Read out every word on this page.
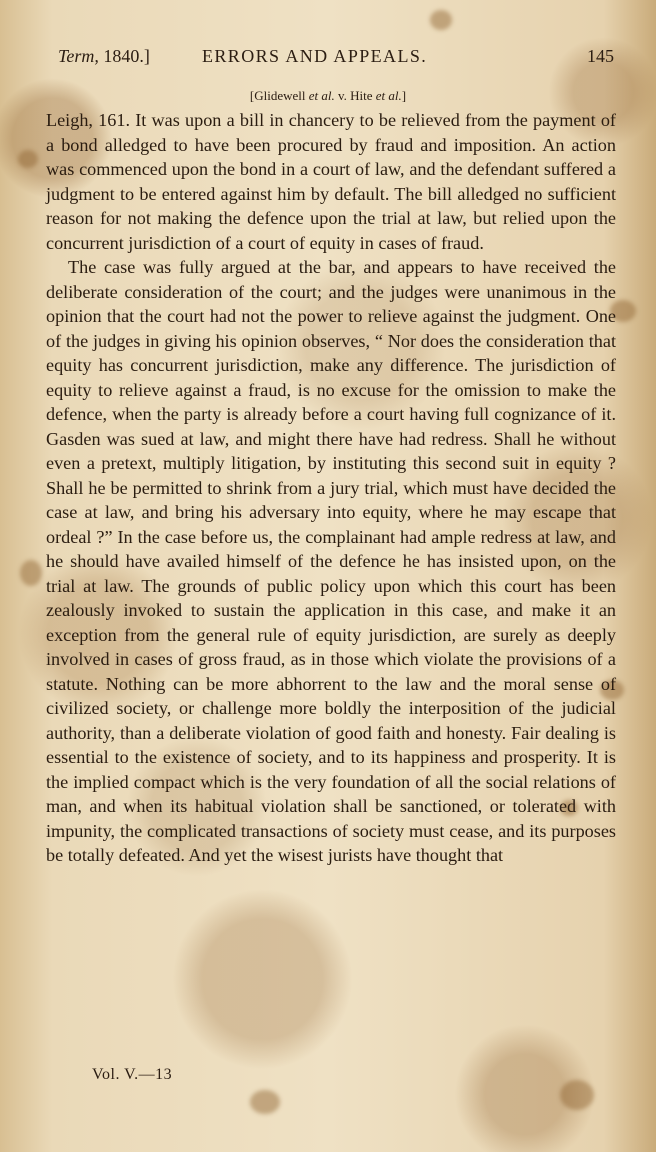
Term, 1840.]	ERRORS AND APPEALS.	145
[Glidewell et al. v. Hite et al.]

Leigh, 161. It was upon a bill in chancery to be relieved from the payment of a bond alledged to have been procured by fraud and imposition. An action was commenced upon the bond in a court of law, and the defendant suffered a judgment to be entered against him by default. The bill alledged no sufficient reason for not making the defence upon the trial at law, but relied upon the concurrent jurisdiction of a court of equity in cases of fraud.

The case was fully argued at the bar, and appears to have received the deliberate consideration of the court; and the judges were unanimous in the opinion that the court had not the power to relieve against the judgment. One of the judges in giving his opinion observes, “ Nor does the consideration that equity has concurrent jurisdiction, make any difference. The jurisdiction of equity to relieve against a fraud, is no excuse for the omission to make the defence, when the party is already before a court having full cognizance of it. Gasden was sued at law, and might there have had redress. Shall he without even a pretext, multiply litigation, by instituting this second suit in equity ? Shall he be permitted to shrink from a jury trial, which must have decided the case at law, and bring his adversary into equity, where he may escape that ordeal ?” In the case before us, the complainant had ample redress at law, and he should have availed himself of the defence he has insisted upon, on the trial at law. The grounds of public policy upon which this court has been zealously invoked to sustain the application in this case, and make it an exception from the general rule of equity jurisdiction, are surely as deeply involved in cases of gross fraud, as in those which violate the provisions of a statute. Nothing can be more abhorrent to the law and the moral sense of civilized society, or challenge more boldly the interposition of the judicial authority, than a deliberate violation of good faith and honesty. Fair dealing is essential to the existence of society, and to its happiness and prosperity. It is the implied compact which is the very foundation of all the social relations of man, and when its habitual violation shall be sanctioned, or tolerated with impunity, the complicated transactions of society must cease, and its purposes be totally defeated. And yet the wisest jurists have thought that

Vol. V.—13
